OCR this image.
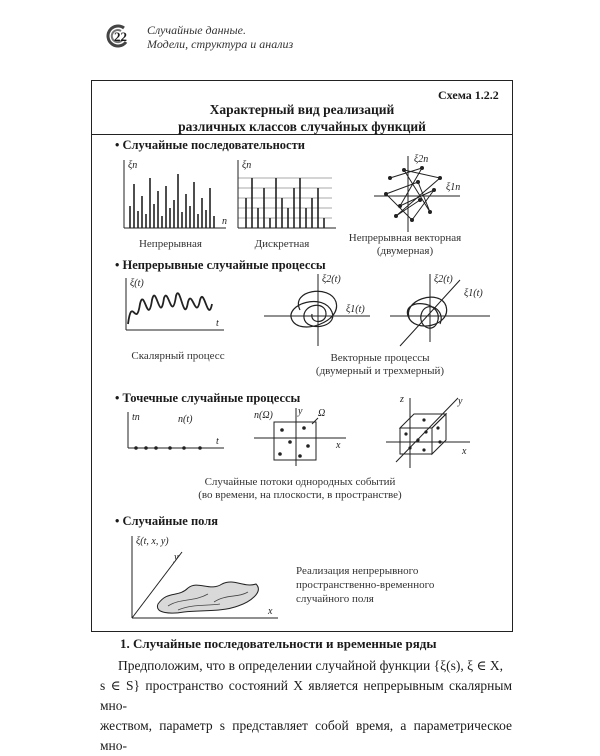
22 Случайные данные.
Модели, структура и анализ
Схема 1.2.2
Характерный вид реализаций
различных классов случайных функций
• Случайные последовательности
ξn
n
Непрерывная
ξn
Дискретная
ξ2n
ξ1n
Непрерывная векторная
(двумерная)
• Непрерывные случайные процессы
ξ(t)
t
Скалярный процесс
ξ2(t)
ξ1(t)
ξ2(t)
ξ1(t)
Векторные процессы
(двумерный и трехмерный)
• Точечные случайные процессы
tn	n(t)
t
n(Ω)	y Ω
x
z	y
x
Случайные потоки однородных событий
(во времени, на плоскости, в пространстве)
• Случайные поля
ξ(t, x, y)
y
x
Реализация непрерывного
пространственно-временного
случайного поля
1. Случайные последовательности и временные ряды
Предположим, что в определении случайной функции {ξ(s), ξ ∈ X,
s ∈ S} пространство состояний X является непрерывным скалярным мно-
жеством, параметр s представляет собой время, а параметрическое мно-
